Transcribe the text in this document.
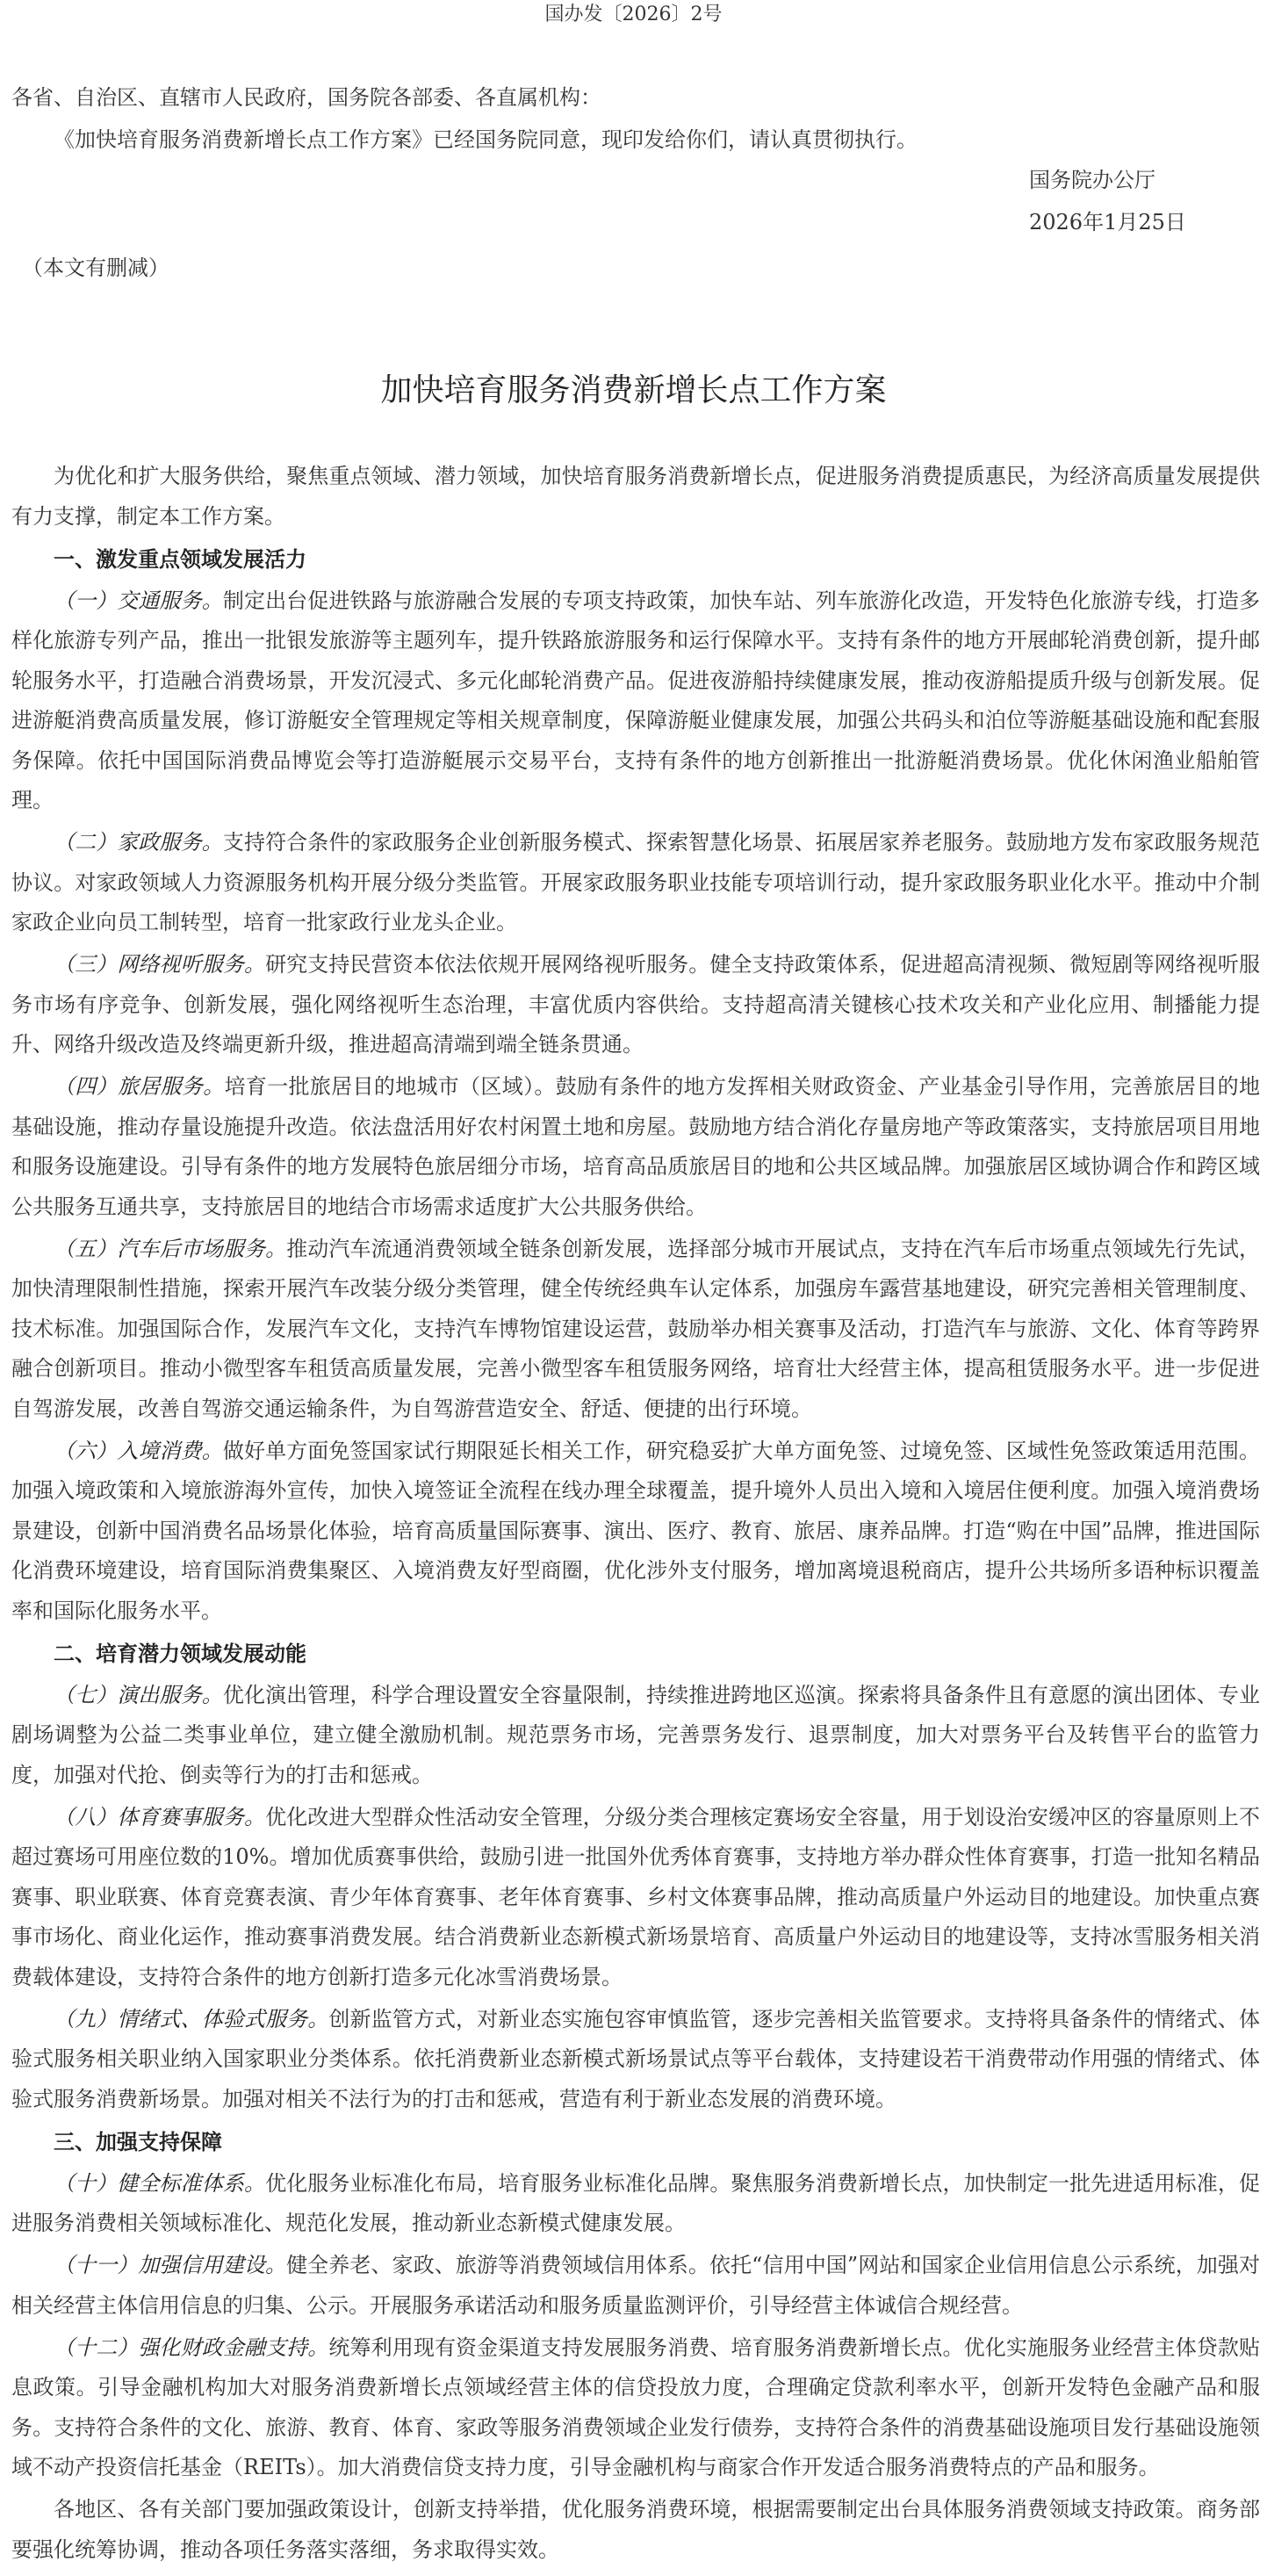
国办发〔2026〕2号
各省、自治区、直辖市人民政府，国务院各部委、各直属机构：
《加快培育服务消费新增长点工作方案》已经国务院同意，现印发给你们，请认真贯彻执行。
国务院办公厅
2026年1月25日
（本文有删减）
加快培育服务消费新增长点工作方案

为优化和扩大服务供给，聚焦重点领域、潜力领域，加快培育服务消费新增长点，促进服务消费提质惠民，为经济高质量发展提供有力支撑，制定本工作方案。

一、激发重点领域发展活力

（一）交通服务。制定出台促进铁路与旅游融合发展的专项支持政策，加快车站、列车旅游化改造，开发特色化旅游专线，打造多样化旅游专列产品，推出一批银发旅游等主题列车，提升铁路旅游服务和运行保障水平。支持有条件的地方开展邮轮消费创新，提升邮轮服务水平，打造融合消费场景，开发沉浸式、多元化邮轮消费产品。促进夜游船持续健康发展，推动夜游船提质升级与创新发展。促进游艇消费高质量发展，修订游艇安全管理规定等相关规章制度，保障游艇业健康发展，加强公共码头和泊位等游艇基础设施和配套服务保障。依托中国国际消费品博览会等打造游艇展示交易平台，支持有条件的地方创新推出一批游艇消费场景。优化休闲渔业船舶管理。

（二）家政服务。支持符合条件的家政服务企业创新服务模式、探索智慧化场景、拓展居家养老服务。鼓励地方发布家政服务规范协议。对家政领域人力资源服务机构开展分级分类监管。开展家政服务职业技能专项培训行动，提升家政服务职业化水平。推动中介制家政企业向员工制转型，培育一批家政行业龙头企业。

（三）网络视听服务。研究支持民营资本依法依规开展网络视听服务。健全支持政策体系，促进超高清视频、微短剧等网络视听服务市场有序竞争、创新发展，强化网络视听生态治理，丰富优质内容供给。支持超高清关键核心技术攻关和产业化应用、制播能力提升、网络升级改造及终端更新升级，推进超高清端到端全链条贯通。

（四）旅居服务。培育一批旅居目的地城市（区域）。鼓励有条件的地方发挥相关财政资金、产业基金引导作用，完善旅居目的地基础设施，推动存量设施提升改造。依法盘活用好农村闲置土地和房屋。鼓励地方结合消化存量房地产等政策落实，支持旅居项目用地和服务设施建设。引导有条件的地方发展特色旅居细分市场，培育高品质旅居目的地和公共区域品牌。加强旅居区域协调合作和跨区域公共服务互通共享，支持旅居目的地结合市场需求适度扩大公共服务供给。

（五）汽车后市场服务。推动汽车流通消费领域全链条创新发展，选择部分城市开展试点，支持在汽车后市场重点领域先行先试，加快清理限制性措施，探索开展汽车改装分级分类管理，健全传统经典车认定体系，加强房车露营基地建设，研究完善相关管理制度、技术标准。加强国际合作，发展汽车文化，支持汽车博物馆建设运营，鼓励举办相关赛事及活动，打造汽车与旅游、文化、体育等跨界融合创新项目。推动小微型客车租赁高质量发展，完善小微型客车租赁服务网络，培育壮大经营主体，提高租赁服务水平。进一步促进自驾游发展，改善自驾游交通运输条件，为自驾游营造安全、舒适、便捷的出行环境。

（六）入境消费。做好单方面免签国家试行期限延长相关工作，研究稳妥扩大单方面免签、过境免签、区域性免签政策适用范围。加强入境政策和入境旅游海外宣传，加快入境签证全流程在线办理全球覆盖，提升境外人员出入境和入境居住便利度。加强入境消费场景建设，创新中国消费名品场景化体验，培育高质量国际赛事、演出、医疗、教育、旅居、康养品牌。打造“购在中国”品牌，推进国际化消费环境建设，培育国际消费集聚区、入境消费友好型商圈，优化涉外支付服务，增加离境退税商店，提升公共场所多语种标识覆盖率和国际化服务水平。

二、培育潜力领域发展动能

（七）演出服务。优化演出管理，科学合理设置安全容量限制，持续推进跨地区巡演。探索将具备条件且有意愿的演出团体、专业剧场调整为公益二类事业单位，建立健全激励机制。规范票务市场，完善票务发行、退票制度，加大对票务平台及转售平台的监管力度，加强对代抢、倒卖等行为的打击和惩戒。

（八）体育赛事服务。优化改进大型群众性活动安全管理，分级分类合理核定赛场安全容量，用于划设治安缓冲区的容量原则上不超过赛场可用座位数的10%。增加优质赛事供给，鼓励引进一批国外优秀体育赛事，支持地方举办群众性体育赛事，打造一批知名精品赛事、职业联赛、体育竞赛表演、青少年体育赛事、老年体育赛事、乡村文体赛事品牌，推动高质量户外运动目的地建设。加快重点赛事市场化、商业化运作，推动赛事消费发展。结合消费新业态新模式新场景培育、高质量户外运动目的地建设等，支持冰雪服务相关消费载体建设，支持符合条件的地方创新打造多元化冰雪消费场景。

（九）情绪式、体验式服务。创新监管方式，对新业态实施包容审慎监管，逐步完善相关监管要求。支持将具备条件的情绪式、体验式服务相关职业纳入国家职业分类体系。依托消费新业态新模式新场景试点等平台载体，支持建设若干消费带动作用强的情绪式、体验式服务消费新场景。加强对相关不法行为的打击和惩戒，营造有利于新业态发展的消费环境。

三、加强支持保障

（十）健全标准体系。优化服务业标准化布局，培育服务业标准化品牌。聚焦服务消费新增长点，加快制定一批先进适用标准，促进服务消费相关领域标准化、规范化发展，推动新业态新模式健康发展。

（十一）加强信用建设。健全养老、家政、旅游等消费领域信用体系。依托“信用中国”网站和国家企业信用信息公示系统，加强对相关经营主体信用信息的归集、公示。开展服务承诺活动和服务质量监测评价，引导经营主体诚信合规经营。

（十二）强化财政金融支持。统筹利用现有资金渠道支持发展服务消费、培育服务消费新增长点。优化实施服务业经营主体贷款贴息政策。引导金融机构加大对服务消费新增长点领域经营主体的信贷投放力度，合理确定贷款利率水平，创新开发特色金融产品和服务。支持符合条件的文化、旅游、教育、体育、家政等服务消费领域企业发行债券，支持符合条件的消费基础设施项目发行基础设施领域不动产投资信托基金（REITs）。加大消费信贷支持力度，引导金融机构与商家合作开发适合服务消费特点的产品和服务。

各地区、各有关部门要加强政策设计，创新支持举措，优化服务消费环境，根据需要制定出台具体服务消费领域支持政策。商务部要强化统筹协调，推动各项任务落实落细，务求取得实效。
